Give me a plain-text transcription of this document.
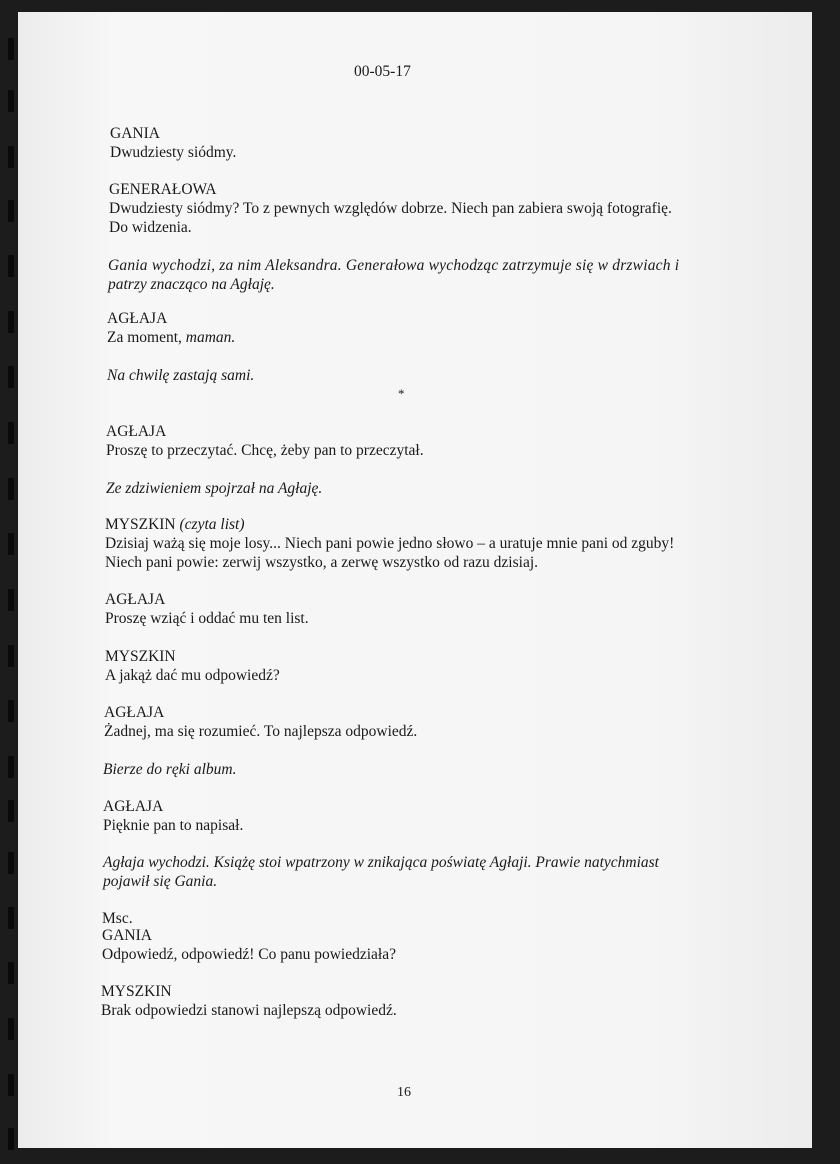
00-05-17
GANIA
Dwudziesty siódmy.
GENERAŁOWA
Dwudziesty siódmy? To z pewnych względów dobrze. Niech pan zabiera swoją fotografię.
Do widzenia.
Gania wychodzi, za nim Aleksandra. Generałowa wychodząc zatrzymuje się w drzwiach i
patrzy znacząco na Agłaję.
AGŁAJA
Za moment, maman.
Na chwilę zastają sami.
*
AGŁAJA
Proszę to przeczytać. Chcę, żeby pan to przeczytał.
Ze zdziwieniem spojrzał na Agłaję.
MYSZKIN (czyta list)
Dzisiaj ważą się moje losy... Niech pani powie jedno słowo – a uratuje mnie pani od zguby!
Niech pani powie: zerwij wszystko, a zerwę wszystko od razu dzisiaj.
AGŁAJA
Proszę wziąć i oddać mu ten list.
MYSZKIN
A jakąż dać mu odpowiedź?
AGŁAJA
Żadnej, ma się rozumieć. To najlepsza odpowiedź.
Bierze do ręki album.
AGŁAJA
Pięknie pan to napisał.
Agłaja wychodzi. Książę stoi wpatrzony w znikająca poświatę Agłaji. Prawie natychmiast
pojawił się Gania.
Msc.
GANIA
Odpowiedź, odpowiedź! Co panu powiedziała?
MYSZKIN
Brak odpowiedzi stanowi najlepszą odpowiedź.
16
